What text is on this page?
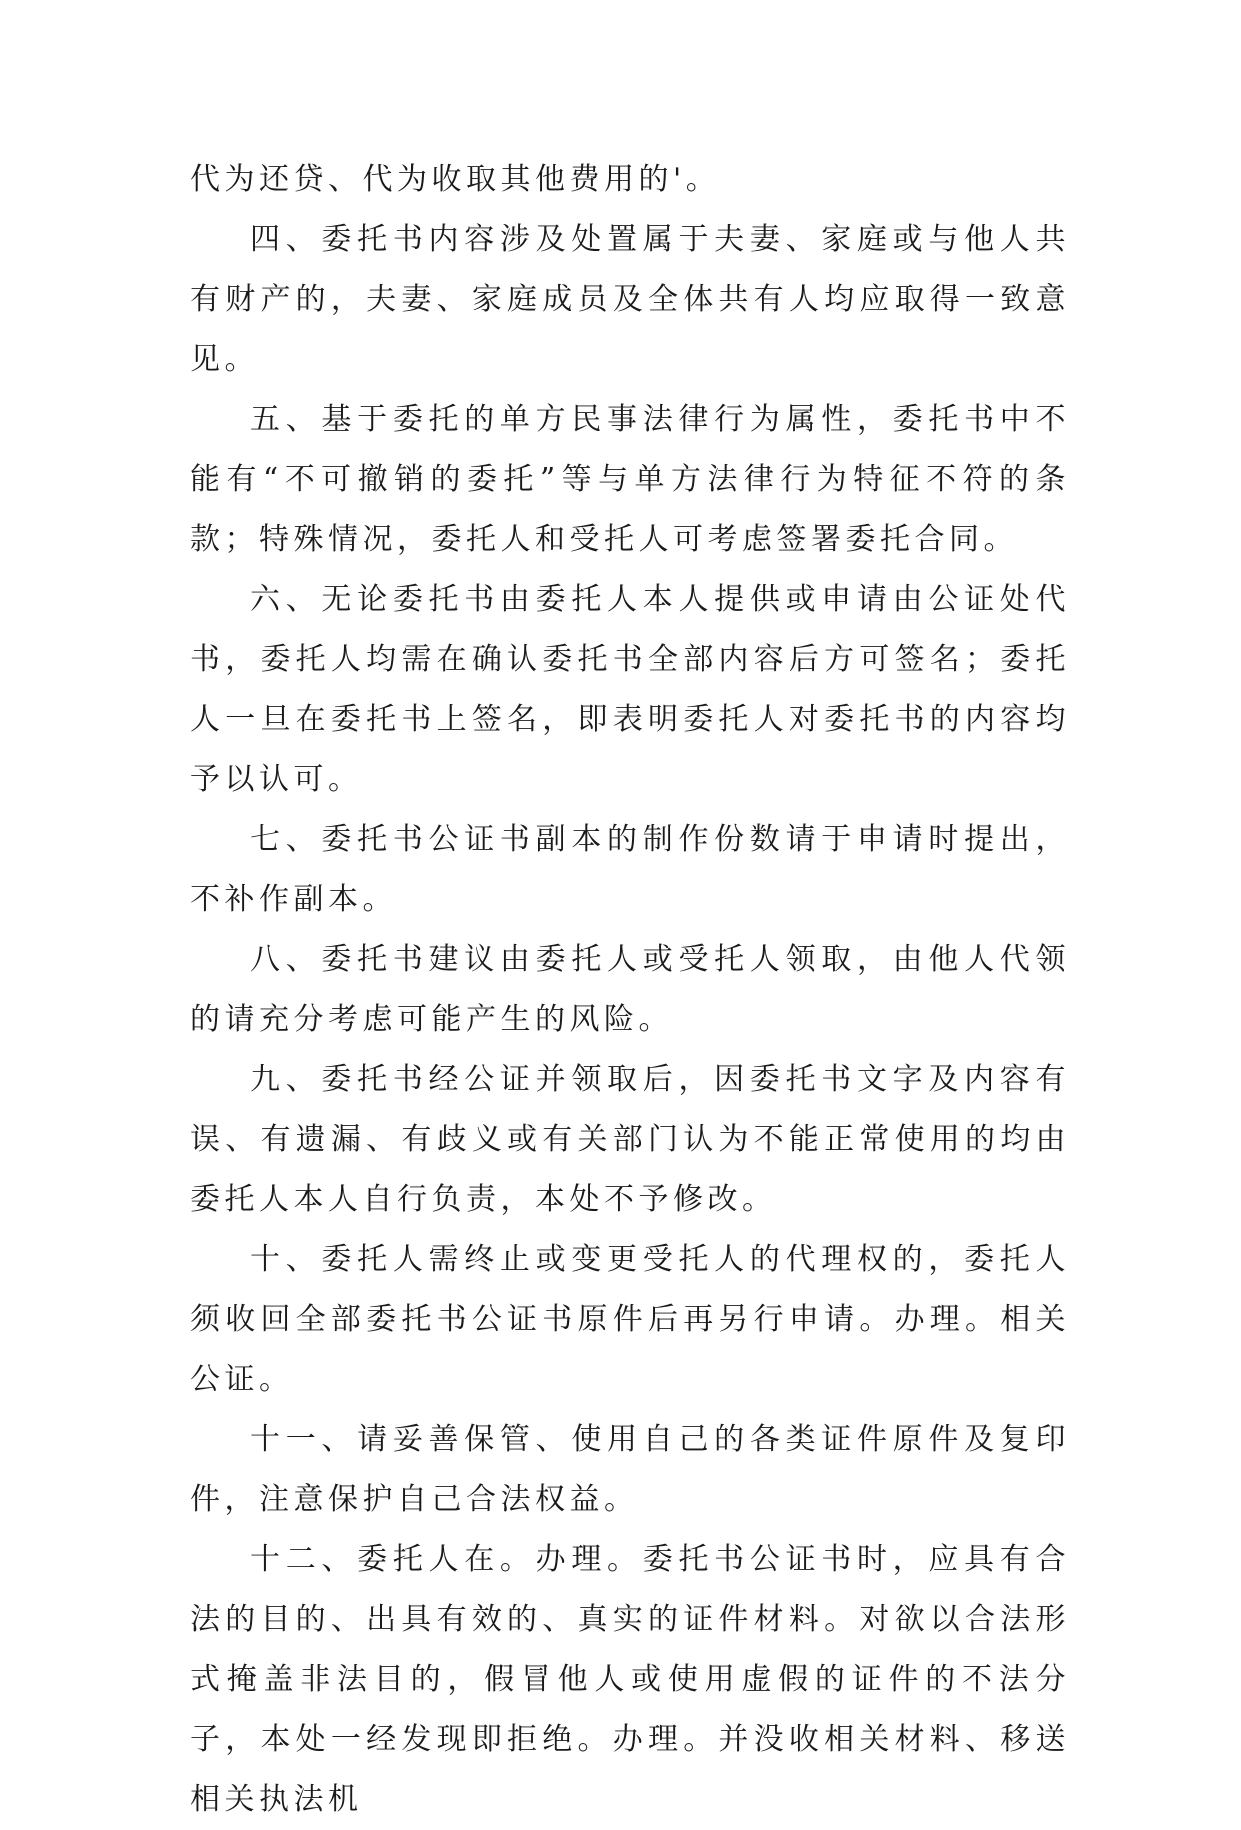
代为还贷、代为收取其他费用的'。

四、委托书内容涉及处置属于夫妻、家庭或与他人共有财产的，夫妻、家庭成员及全体共有人均应取得一致意见。

五、基于委托的单方民事法律行为属性，委托书中不能有“不可撤销的委托”等与单方法律行为特征不符的条款；特殊情况，委托人和受托人可考虑签署委托合同。

六、无论委托书由委托人本人提供或申请由公证处代书，委托人均需在确认委托书全部内容后方可签名；委托人一旦在委托书上签名，即表明委托人对委托书的内容均予以认可。

七、委托书公证书副本的制作份数请于申请时提出，不补作副本。

八、委托书建议由委托人或受托人领取，由他人代领的请充分考虑可能产生的风险。

九、委托书经公证并领取后，因委托书文字及内容有误、有遗漏、有歧义或有关部门认为不能正常使用的均由委托人本人自行负责，本处不予修改。

十、委托人需终止或变更受托人的代理权的，委托人须收回全部委托书公证书原件后再另行申请。办理。相关公证。

十一、请妥善保管、使用自己的各类证件原件及复印件，注意保护自己合法权益。

十二、委托人在。办理。委托书公证书时，应具有合法的目的、出具有效的、真实的证件材料。对欲以合法形式掩盖非法目的，假冒他人或使用虚假的证件的不法分子，本处一经发现即拒绝。办理。并没收相关材料、移送相关执法机
